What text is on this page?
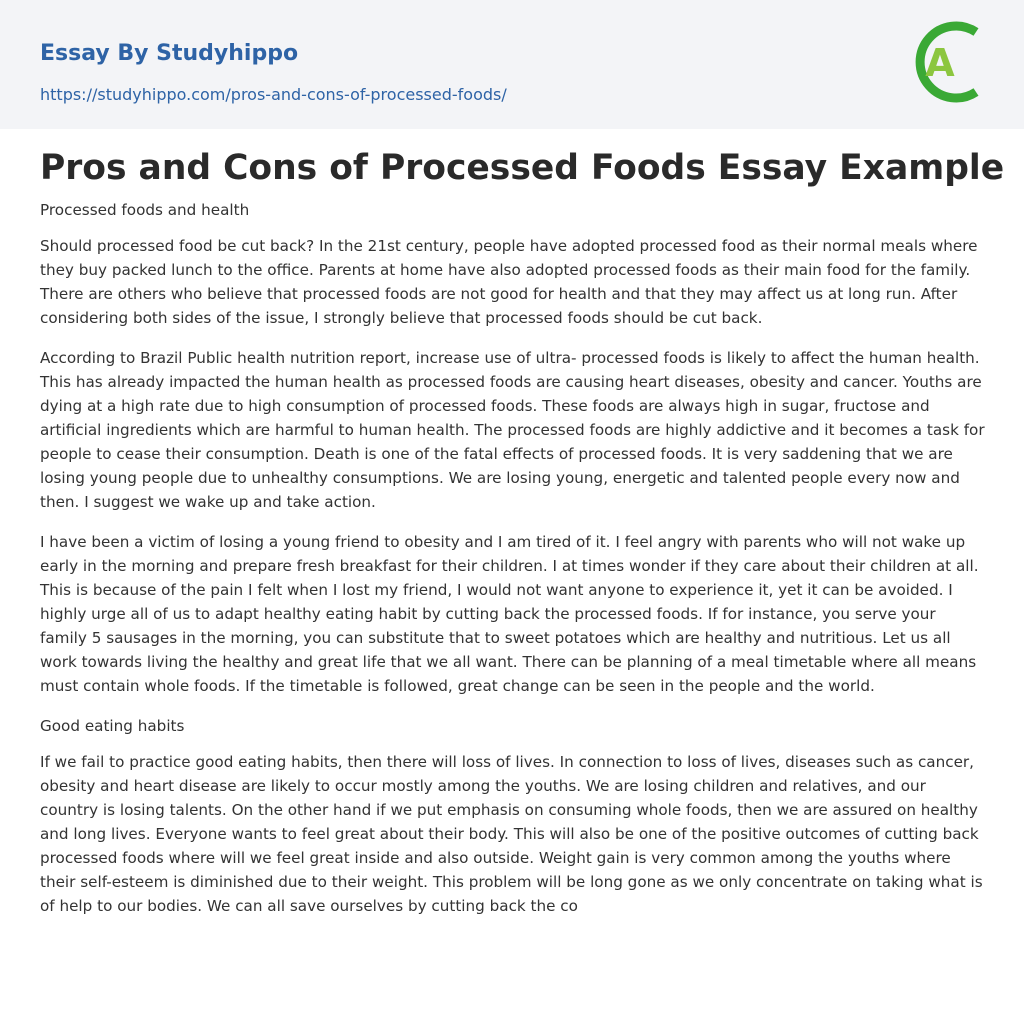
Essay By Studyhippo
https://studyhippo.com/pros-and-cons-of-processed-foods/
A
Pros and Cons of Processed Foods Essay Example

Processed foods and health

Should processed food be cut back? In the 21st century, people have adopted processed food as their normal meals where they buy packed lunch to the office. Parents at home have also adopted processed foods as their main food for the family. There are others who believe that processed foods are not good for health and that they may affect us at long run. After considering both sides of the issue, I strongly believe that processed foods should be cut back.

According to Brazil Public health nutrition report, increase use of ultra- processed foods is likely to affect the human health. This has already impacted the human health as processed foods are causing heart diseases, obesity and cancer. Youths are dying at a high rate due to high consumption of processed foods. These foods are always high in sugar, fructose and artificial ingredients which are harmful to human health. The processed foods are highly addictive and it becomes a task for people to cease their consumption. Death is one of the fatal effects of processed foods. It is very saddening that we are losing young people due to unhealthy consumptions. We are losing young, energetic and talented people every now and then. I suggest we wake up and take action.

I have been a victim of losing a young friend to obesity and I am tired of it. I feel angry with parents who will not wake up early in the morning and prepare fresh breakfast for their children. I at times wonder if they care about their children at all. This is because of the pain I felt when I lost my friend, I would not want anyone to experience it, yet it can be avoided. I highly urge all of us to adapt healthy eating habit by cutting back the processed foods. If for instance, you serve your family 5 sausages in the morning, you can substitute that to sweet potatoes which are healthy and nutritious. Let us all work towards living the healthy and great life that we all want. There can be planning of a meal timetable where all means must contain whole foods. If the timetable is followed, great change can be seen in the people and the world.

Good eating habits

If we fail to practice good eating habits, then there will loss of lives. In connection to loss of lives, diseases such as cancer, obesity and heart disease are likely to occur mostly among the youths. We are losing children and relatives, and our country is losing talents. On the other hand if we put emphasis on consuming whole foods, then we are assured on healthy and long lives. Everyone wants to feel great about their body. This will also be one of the positive outcomes of cutting back processed foods where will we feel great inside and also outside. Weight gain is very common among the youths where their self-esteem is diminished due to their weight. This problem will be long gone as we only concentrate on taking what is of help to our bodies. We can all save ourselves by cutting back the co
